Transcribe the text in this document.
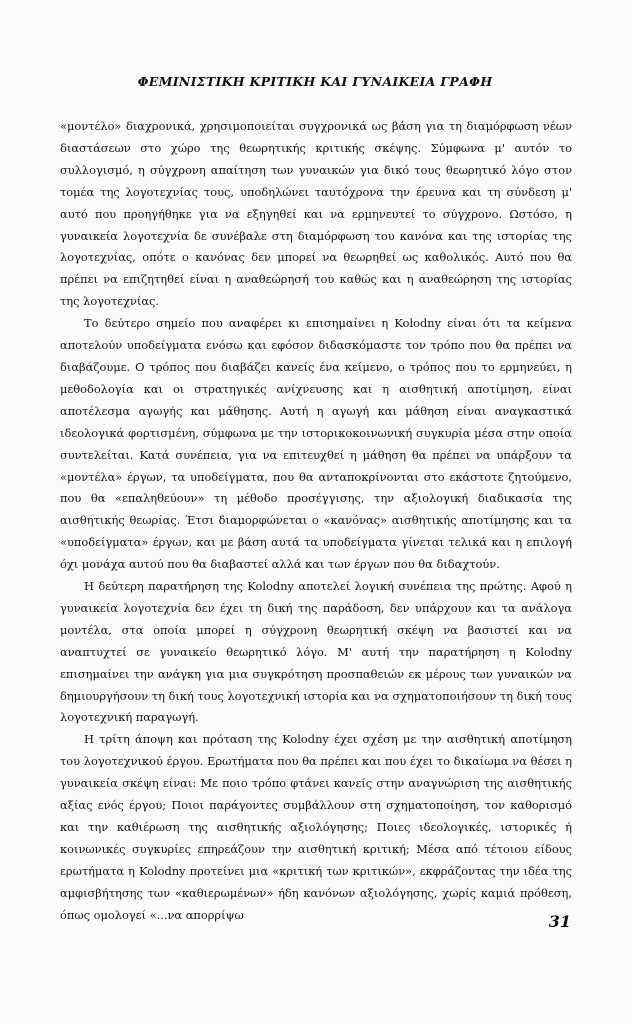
ΦΕΜΙΝΙΣΤΙΚΗ ΚΡΙΤΙΚΗ ΚΑΙ ΓΥΝΑΙΚΕΙΑ ΓΡΑΦΗ

«μοντέλο» διαχρονικά, χρησιμοποιείται συγχρονικά ως βάση για τη διαμόρφωση νέων διαστάσεων στο χώρο της θεωρητικής κριτικής σκέψης. Σύμφωνα μ' αυτόν το συλλογισμό, η σύγχρονη απαίτηση των γυναικών για δικό τους θεωρητικό λόγο στον τομέα της λογοτεχνίας τους, υποδηλώνει ταυτόχρονα την έρευνα και τη σύνδεση μ' αυτό που προηγήθηκε για να εξηγηθεί και να ερμηνευτεί το σύγχρονο. Ωστόσο, η γυναικεία λογοτεχνία δε συνέβαλε στη διαμόρφωση του κανόνα και της ιστορίας της λογοτεχνίας, οπότε ο κανόνας δεν μπορεί να θεωρηθεί ως καθολικός. Αυτό που θα πρέπει να επιζητηθεί είναι η αναθεώρησή του καθώς και η αναθεώρηση της ιστορίας της λογοτεχνίας.

Το δεύτερο σημείο που αναφέρει κι επισημαίνει η Kolodny είναι ότι τα κείμενα αποτελούν υποδείγματα ενόσω και εφόσον διδασκόμαστε τον τρόπο που θα πρέπει να διαβάζουμε. Ο τρόπος που διαβάζει κανείς ένα κείμενο, ο τρόπος που το ερμηνεύει, η μεθοδολογία και οι στρατηγικές ανίχνευσης και η αισθητική αποτίμηση, είναι αποτέλεσμα αγωγής και μάθησης. Αυτή η αγωγή και μάθηση είναι αναγκαστικά ιδεολογικά φορτισμένη, σύμφωνα με την ιστορικοκοινωνική συγκυρία μέσα στην οποία συντελείται. Κατά συνέπεια, για να επιτευχθεί η μάθηση θα πρέπει να υπάρξουν τα «μοντέλα» έργων, τα υποδείγματα, που θα ανταποκρίνονται στο εκάστοτε ζητούμενο, που θα «επαληθεύουν» τη μέθοδο προσέγγισης, την αξιολογική διαδικασία της αισθητικής θεωρίας. Έτσι διαμορφώνεται ο «κανόνας» αισθητικής αποτίμησης και τα «υποδείγματα» έργων, και με βάση αυτά τα υποδείγματα γίνεται τελικά και η επιλογή όχι μονάχα αυτού που θα διαβαστεί αλλά και των έργων που θα διδαχτούν.

Η δεύτερη παρατήρηση της Kolodny αποτελεί λογική συνέπεια της πρώτης. Αφού η γυναικεία λογοτεχνία δεν έχει τη δική της παράδοση, δεν υπάρχουν και τα ανάλογα μοντέλα, στα οποία μπορεί η σύγχρονη θεωρητική σκέψη να βασιστεί και να αναπτυχτεί σε γυναικείο θεωρητικό λόγο. Μ' αυτή την παρατήρηση η Kolodny επισημαίνει την ανάγκη για μια συγκρότηση προσπαθειών εκ μέρους των γυναικών να δημιουργήσουν τη δική τους λογοτεχνική ιστορία και να σχηματοποιήσουν τη δική τους λογοτεχνική παραγωγή.

Η τρίτη άποψη και πρόταση της Kolodny έχει σχέση με την αισθητική αποτίμηση του λογοτεχνικού έργου. Ερωτήματα που θα πρέπει και που έχει το δικαίωμα να θέσει η γυναικεία σκέψη είναι: Με ποιο τρόπο φτάνει κανείς στην αναγνώριση της αισθητικής αξίας ενός έργου; Ποιοι παράγοντες συμβάλλουν στη σχηματοποίηση, τον καθορισμό και την καθιέρωση της αισθητικής αξιολόγησης; Ποιες ιδεολογικές, ιστορικές ή κοινωνικές συγκυρίες επηρεάζουν την αισθητική κριτική; Μέσα από τέτοιου είδους ερωτήματα η Kolodny προτείνει μια «κριτική των κριτικών», εκφράζοντας την ιδέα της αμφισβήτησης των «καθιερωμένων» ήδη κανόνων αξιολόγησης, χωρίς καμιά πρόθεση, όπως ομολογεί «...να απορρίψω	31
